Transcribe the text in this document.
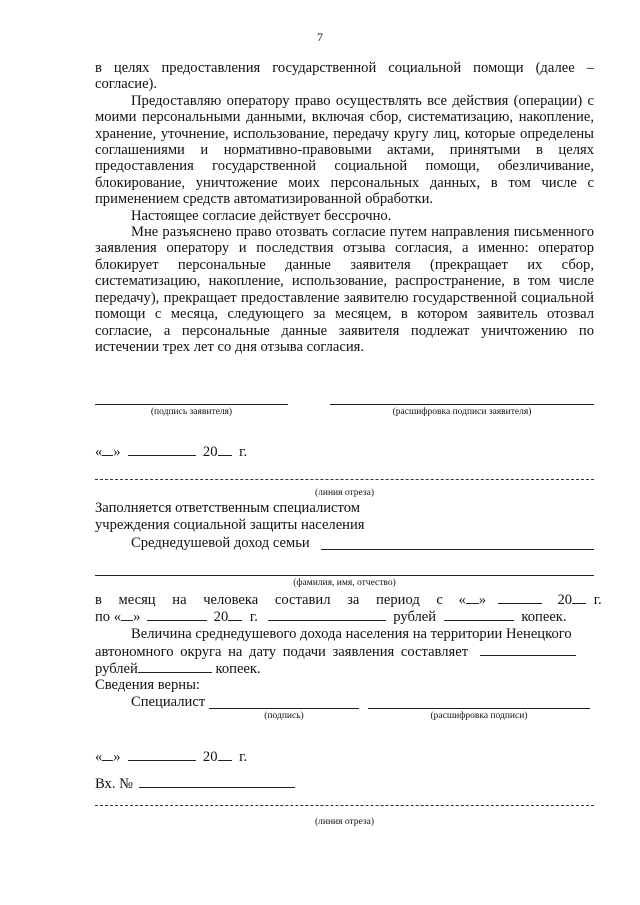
7

в целях предоставления государственной социальной помощи (далее – согласие).

Предоставляю оператору право осуществлять все действия (операции) с моими персональными данными, включая сбор, систематизацию, накопление, хранение, уточнение, использование, передачу кругу лиц, которые определены соглашениями и нормативно-правовыми актами, принятыми в целях предоставления государственной социальной помощи, обезличивание, блокирование, уничтожение моих персональных данных, в том числе с применением средств автоматизированной обработки.

Настоящее согласие действует бессрочно.

Мне разъяснено право отозвать согласие путем направления письменного заявления оператору и последствия отзыва согласия, а именно: оператор блокирует персональные данные заявителя (прекращает их сбор, систематизацию, накопление, использование, распространение, в том числе передачу), прекращает предоставление заявителю государственной социальной помощи с месяца, следующего за месяцем, в котором заявитель отозвал согласие, а персональные данные заявителя подлежат уничтожению по истечении трех лет со дня отзыва согласия.

(подпись заявителя)	(расшифровка подписи заявителя)
« »	20 г.
(линия отреза)
Заполняется ответственным специалистом
учреждения социальной защиты населения
Среднедушевой доход семьи
(фамилия, имя, отчество)
в месяц на человека составил за период с « »	20 г.
по « »	20 г.	рублей	копеек.
Величина среднедушевого дохода населения на территории Ненецкого
автономного округа на дату подачи заявления составляет
рублей	копеек.
Сведения верны:
Специалист
(подпись)	(расшифровка подписи)
« »	20 г.
Вх. №
(линия отреза)
